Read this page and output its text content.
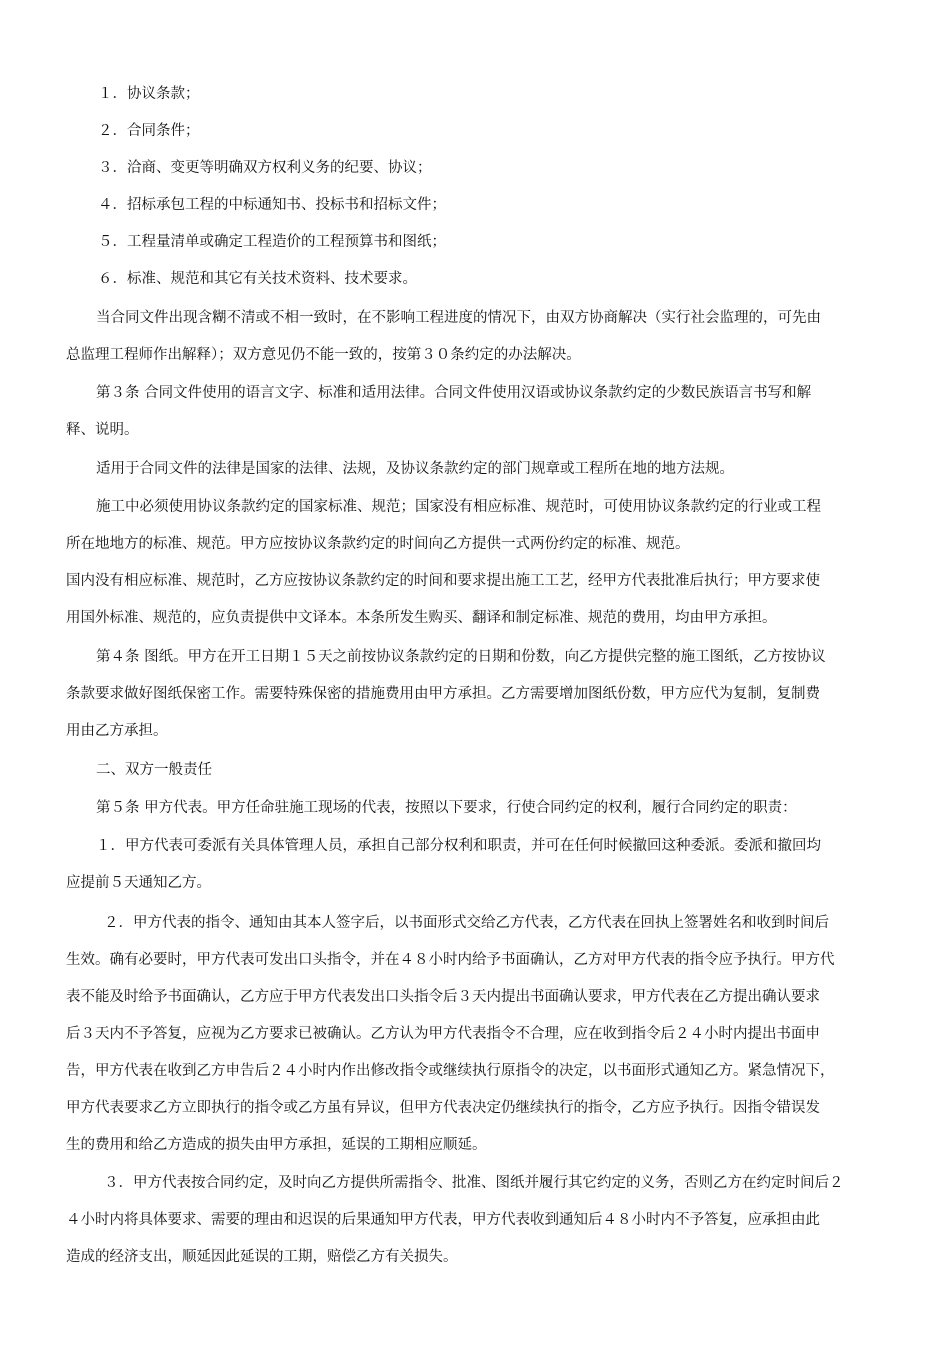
１．协议条款；
２．合同条件；
３．洽商、变更等明确双方权利义务的纪要、协议；
４．招标承包工程的中标通知书、投标书和招标文件；
５．工程量清单或确定工程造价的工程预算书和图纸；
６．标准、规范和其它有关技术资料、技术要求。
当合同文件出现含糊不清或不相一致时，在不影响工程进度的情况下，由双方协商解决（实行社会监理的，可先由
总监理工程师作出解释）；双方意见仍不能一致的，按第３０条约定的办法解决。
第３条 合同文件使用的语言文字、标准和适用法律。合同文件使用汉语或协议条款约定的少数民族语言书写和解
释、说明。
适用于合同文件的法律是国家的法律、法规，及协议条款约定的部门规章或工程所在地的地方法规。
施工中必须使用协议条款约定的国家标准、规范；国家没有相应标准、规范时，可使用协议条款约定的行业或工程
所在地地方的标准、规范。甲方应按协议条款约定的时间向乙方提供一式两份约定的标准、规范。
国内没有相应标准、规范时，乙方应按协议条款约定的时间和要求提出施工工艺，经甲方代表批准后执行；甲方要求使
用国外标准、规范的，应负责提供中文译本。本条所发生购买、翻译和制定标准、规范的费用，均由甲方承担。
第４条 图纸。甲方在开工日期１５天之前按协议条款约定的日期和份数，向乙方提供完整的施工图纸，乙方按协议
条款要求做好图纸保密工作。需要特殊保密的措施费用由甲方承担。乙方需要增加图纸份数，甲方应代为复制，复制费
用由乙方承担。
二、双方一般责任
第５条 甲方代表。甲方任命驻施工现场的代表，按照以下要求，行使合同约定的权利，履行合同约定的职责：
１．甲方代表可委派有关具体管理人员，承担自己部分权利和职责，并可在任何时候撤回这种委派。委派和撤回均
应提前５天通知乙方。
２．甲方代表的指令、通知由其本人签字后，以书面形式交给乙方代表，乙方代表在回执上签署姓名和收到时间后
生效。确有必要时，甲方代表可发出口头指令，并在４８小时内给予书面确认，乙方对甲方代表的指令应予执行。甲方代
表不能及时给予书面确认，乙方应于甲方代表发出口头指令后３天内提出书面确认要求，甲方代表在乙方提出确认要求
后３天内不予答复，应视为乙方要求已被确认。乙方认为甲方代表指令不合理，应在收到指令后２４小时内提出书面申
告，甲方代表在收到乙方申告后２４小时内作出修改指令或继续执行原指令的决定，以书面形式通知乙方。紧急情况下，
甲方代表要求乙方立即执行的指令或乙方虽有异议，但甲方代表决定仍继续执行的指令，乙方应予执行。因指令错误发
生的费用和给乙方造成的损失由甲方承担，延误的工期相应顺延。
３．甲方代表按合同约定，及时向乙方提供所需指令、批准、图纸并履行其它约定的义务，否则乙方在约定时间后２
４小时内将具体要求、需要的理由和迟误的后果通知甲方代表，甲方代表收到通知后４８小时内不予答复，应承担由此
造成的经济支出，顺延因此延误的工期，赔偿乙方有关损失。
